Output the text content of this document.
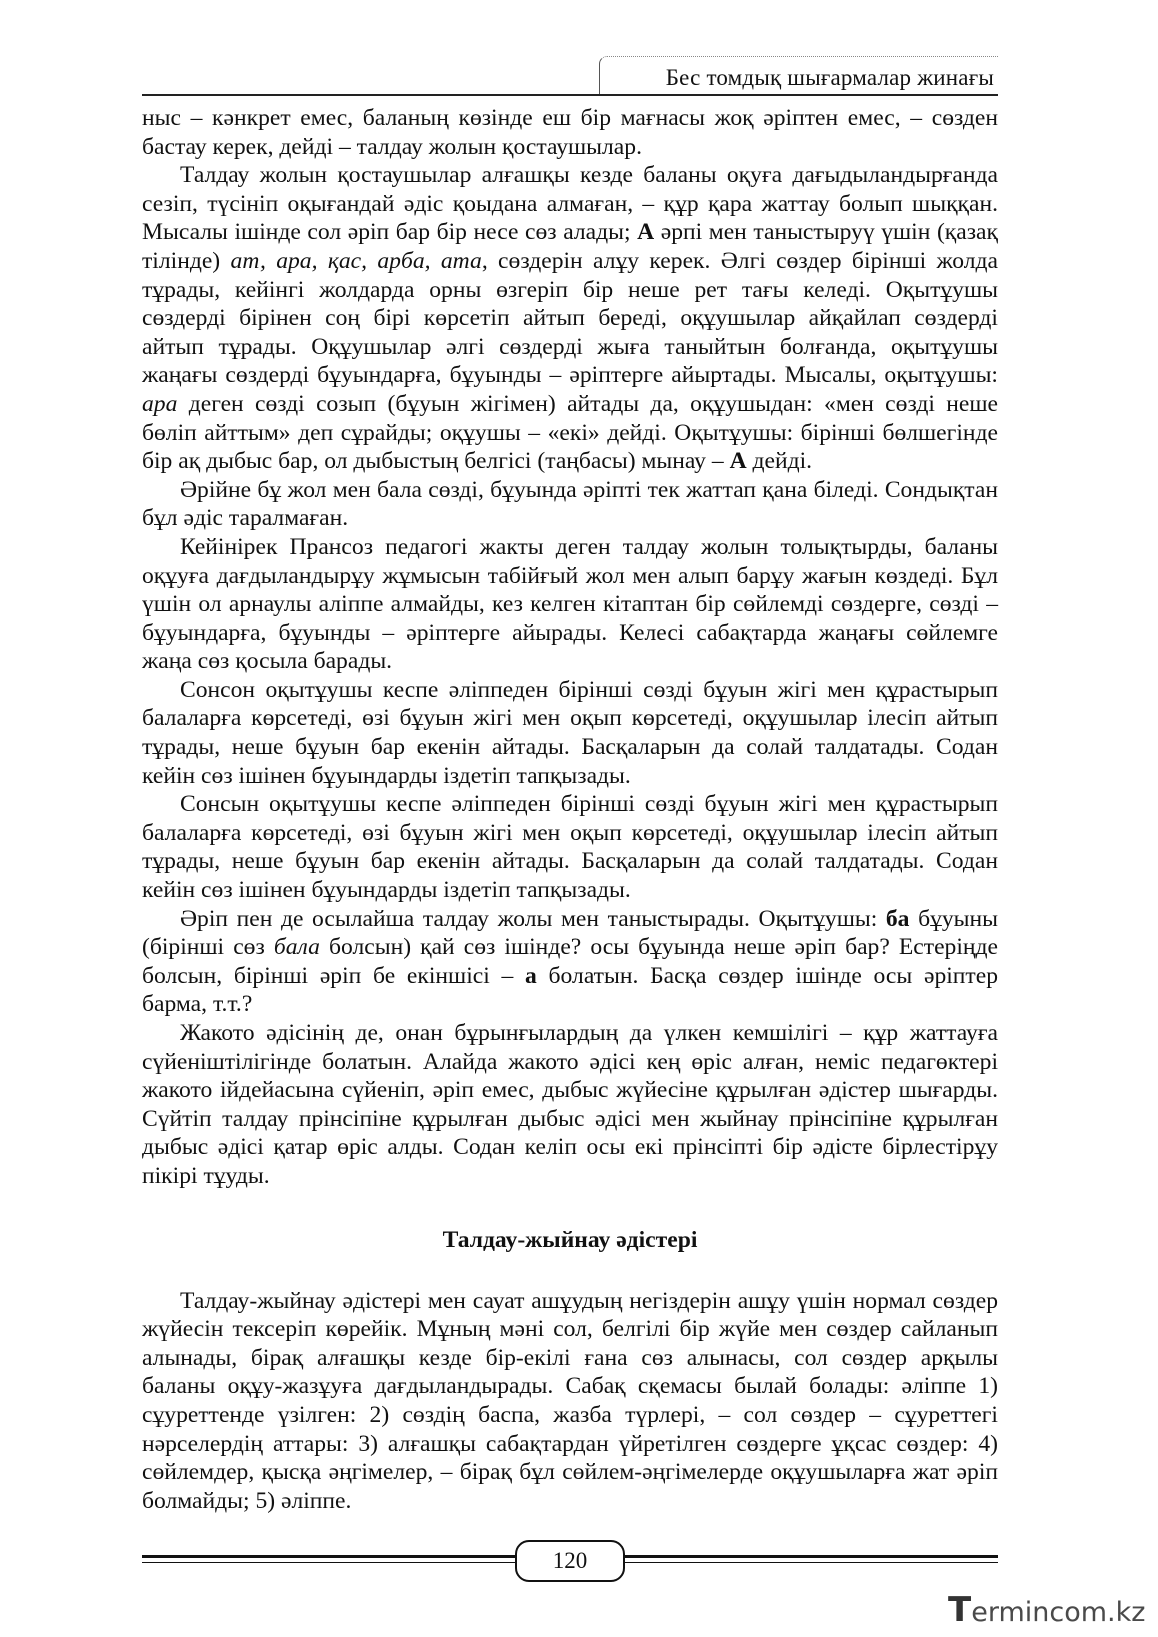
Бес томдық шығармалар жинағы

ныс – кәнкрет емес, баланың көзінде еш бір мағнасы жоқ әріптен емес, – сөзден бастау керек, дейді – талдау жолын қостаушылар.

Талдау жолын қостаушылар алғашқы кезде баланы оқуға дағыдыландырғанда сезіп, түсініп оқығандай әдіс қоыдана алмаған, – құр қара жаттау болып шыққан. Мысалы ішінде сол әріп бар бір несе сөз алады; А әрпі мен таныстыруү үшін (қазақ тілінде) ат, ара, қас, арба, ата, сөздерін алұу керек. Әлгі сөздер бірінші жолда тұрады, кейінгі жолдарда орны өзгеріп бір неше рет тағы келеді. Оқытұушы сөздерді бірінен соң бірі көрсетіп айтып береді, оқұушылар айқайлап сөздерді айтып тұрады. Оқұушылар әлгі сөздерді жыға таныйтын болғанда, оқытұушы жаңағы сөздерді бұуындарға, бұуынды – әріптерге айыртады. Мысалы, оқытұушы: ара деген сөзді созып (бұуын жігімен) айтады да, оқұушыдан: «мен сөзді неше бөліп айттым» деп сұрайды; оқұушы – «екі» дейді. Оқытұушы: бірінші бөлшегінде бір ақ дыбыс бар, ол дыбыстың белгісі (таңбасы) мынау – А дейді.

Әрійне бұ жол мен бала сөзді, бұуында әріпті тек жаттап қана біледі. Сондықтан бұл әдіс таралмаған.

Кейінірек Прансоз педагогі жакты деген талдау жолын толықтырды, баланы оқұуға дағдыландырұу жұмысын табійғый жол мен алып барұу жағын көздеді. Бұл үшін ол арнаулы аліппе алмайды, кез келген кітаптан бір сөйлемді сөздерге, сөзді – бұуындарға, бұуынды – әріптерге айырады. Келесі сабақтарда жаңағы сөйлемге жаңа сөз қосыла барады.

Сонсон оқытұушы кеспе әліппеден бірінші сөзді бұуын жігі мен құрастырып балаларға көрсетеді, өзі бұуын жігі мен оқып көрсетеді, оқұушылар ілесіп айтып тұрады, неше бұуын бар екенін айтады. Басқаларын да солай талдатады. Содан кейін сөз ішінен бұуындарды іздетіп тапқызады.

Сонсын оқытұушы кеспе әліппеден бірінші сөзді бұуын жігі мен құрастырып балаларға көрсетеді, өзі бұуын жігі мен оқып көрсетеді, оқұушылар ілесіп айтып тұрады, неше бұуын бар екенін айтады. Басқаларын да солай талдатады. Содан кейін сөз ішінен бұуындарды іздетіп тапқызады.

Әріп пен де осылайша талдау жолы мен таныстырады. Оқытұушы: ба бұуыны (бірінші сөз бала болсын) қай сөз ішінде? осы бұуында неше әріп бар? Естеріңде болсын, бірінші әріп бе екіншісі – а болатын. Басқа сөздер ішінде осы әріптер барма, т.т.?

Жакото әдісінің де, онан бұрынғылардың да үлкен кемшілігі – құр жаттауға сүйеніштілігінде болатын. Алайда жакото әдісі кең өріс алған, неміс педагөктері жакото ійдейасына сүйеніп, әріп емес, дыбыс жүйесіне құрылған әдістер шығарды. Сүйтіп талдау прінсіпіне құрылған дыбыс әдісі мен жыйнау прінсіпіне құрылған дыбыс әдісі қатар өріс алды. Содан келіп осы екі прінсіпті бір әдісте бірлестірұу пікірі тұуды.

Талдау-жыйнау әдістері

Талдау-жыйнау әдістері мен сауат ашұудың негіздерін ашұу үшін нормал сөздер жүйесін тексеріп көрейік. Мұның мәні сол, белгілі бір жүйе мен сөздер сайланып алынады, бірақ алғашқы кезде бір-екілі ғана сөз алынасы, сол сөздер арқылы баланы оқұу-жазұуға дағдыландырады. Сабақ сқемасы былай болады: әліппе 1) сұуреттенде үзілген: 2) сөздің баспа, жазба түрлері, – сол сөздер – сұуреттегі нәрселердің аттары: 3) алғашқы сабақтардан үйретілген сөздерге ұқсас сөздер: 4) сөйлемдер, қысқа әңгімелер, – бірақ бұл сөйлем-әңгімелерде оқұушыларға жат әріп болмайды; 5) әліппе.

120
Termincom.kz
